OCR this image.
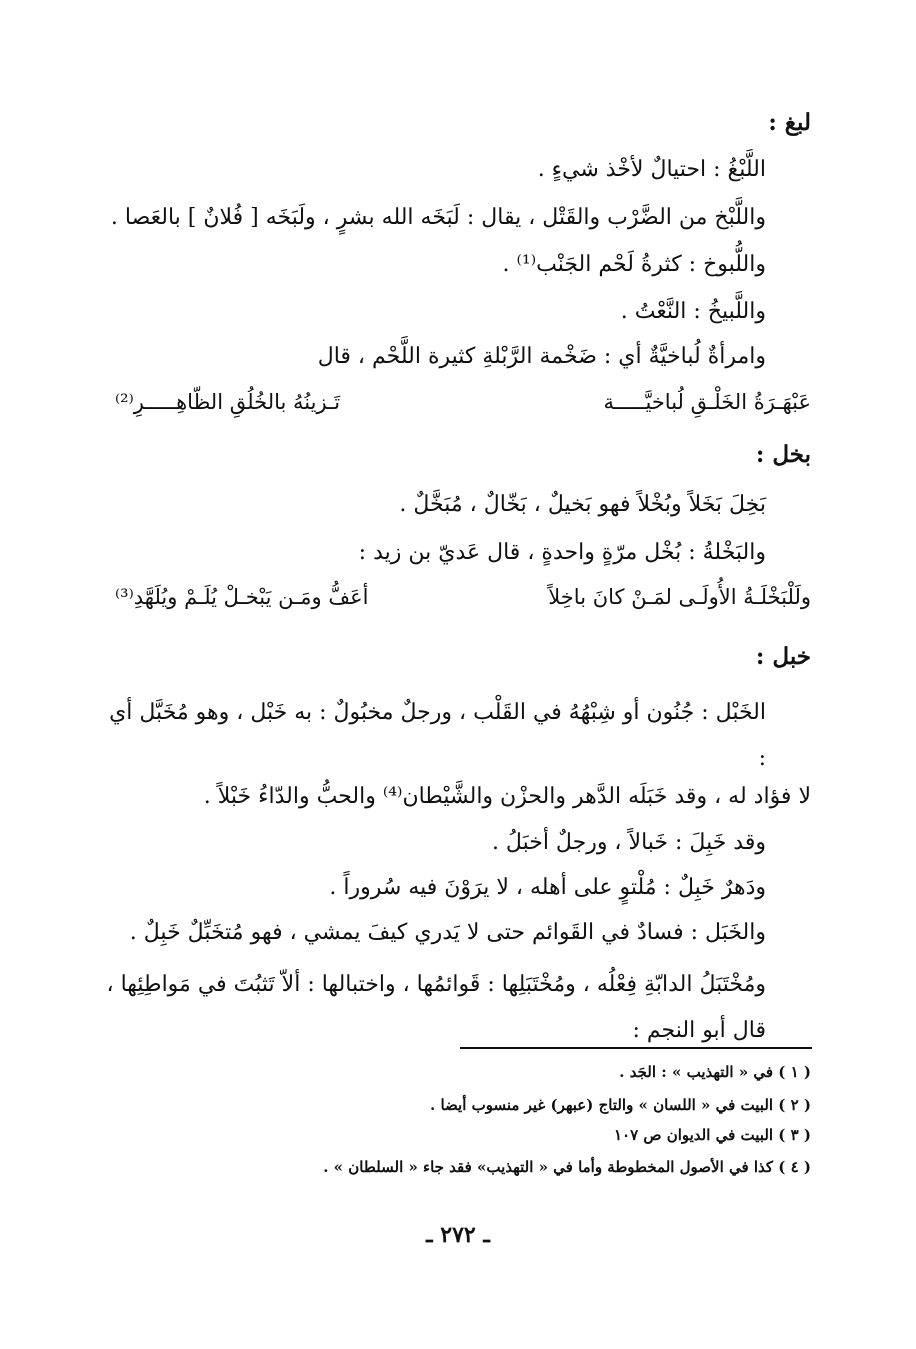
لبغ :
اللَّبْغُ : احتيالٌ لأخْذ شيءٍ .
واللَّبْخ من الضَّرْب والقَتْل ، يقال : لَبَخَه الله بشرٍ ، ولَبَخَه [ فُلانٌ ] بالعَصا .
واللُّبوخ : كثرةُ لَحْم الجَنْب⁽¹⁾ .
واللَّبيخُ : النَّعْتُ .
وامرأةٌ لُباخيَّةٌ أي : ضَخْمة الرَّبْلةِ كثيرة اللَّحْم ، قال
عَبْهَـرَةُ الخَلْـقِ لُباخيَّـــــة
تَـزينُهُ بالخُلُقِ الظّاهِـــــرِ⁽²⁾
بخل :
بَخِلَ بَخَلاً وبُخْلاً فهو بَخيلٌ ، بَخّالٌ ، مُبَخَّلٌ .
والبَخْلةُ : بُخْل مرّةٍ واحدةٍ ، قال عَديّ بن زيد :
ولَلْبَخْلَـةُ الأُولَـى لمَـنْ كانَ باخِلاً
أعَفُّ ومَـن يَبْخـلْ يُلَـمْ ويُلَهَّدِ⁽³⁾
خبل :
الخَبْل : جُنُون أو شِبْهُهُ في القَلْب ، ورجلٌ مخبُولٌ : به خَبْل ، وهو مُخَبَّل أي :
لا فؤاد له ، وقد خَبَلَه الدَّهر والحزْن والشَّيْطان⁽⁴⁾ والحبُّ والدّاءُ خَبْلاً .
وقد خَبِلَ : خَبالاً ، ورجلٌ أخبَلُ .
ودَهرٌ خَبِلٌ : مُلْتوٍ على أهله ، لا يرَوْنَ فيه سُروراً .
والخَبَل : فسادٌ في القَوائم حتى لا يَدري كيفَ يمشي ، فهو مُتخَبِّلٌ خَبِلٌ .
ومُخْتَبَلُ الدابّةِ فِعْلُه ، ومُخْتَبَلِها : قَوائمُها ، واختبالها : ألاّ تَثبُتَ في مَواطِئِها ، قال أبو النجم :
( ١ ) في « التهذيب » : الجَد .
( ٢ ) البيت في « اللسان » والتاج (عبهر) غير منسوب أيضا .
( ٣ ) البيت في الديوان ص ١٠٧
( ٤ ) كذا في الأصول المخطوطة وأما في « التهذيب» فقد جاء « السلطان » .
ـ ٢٧٢ ـ
